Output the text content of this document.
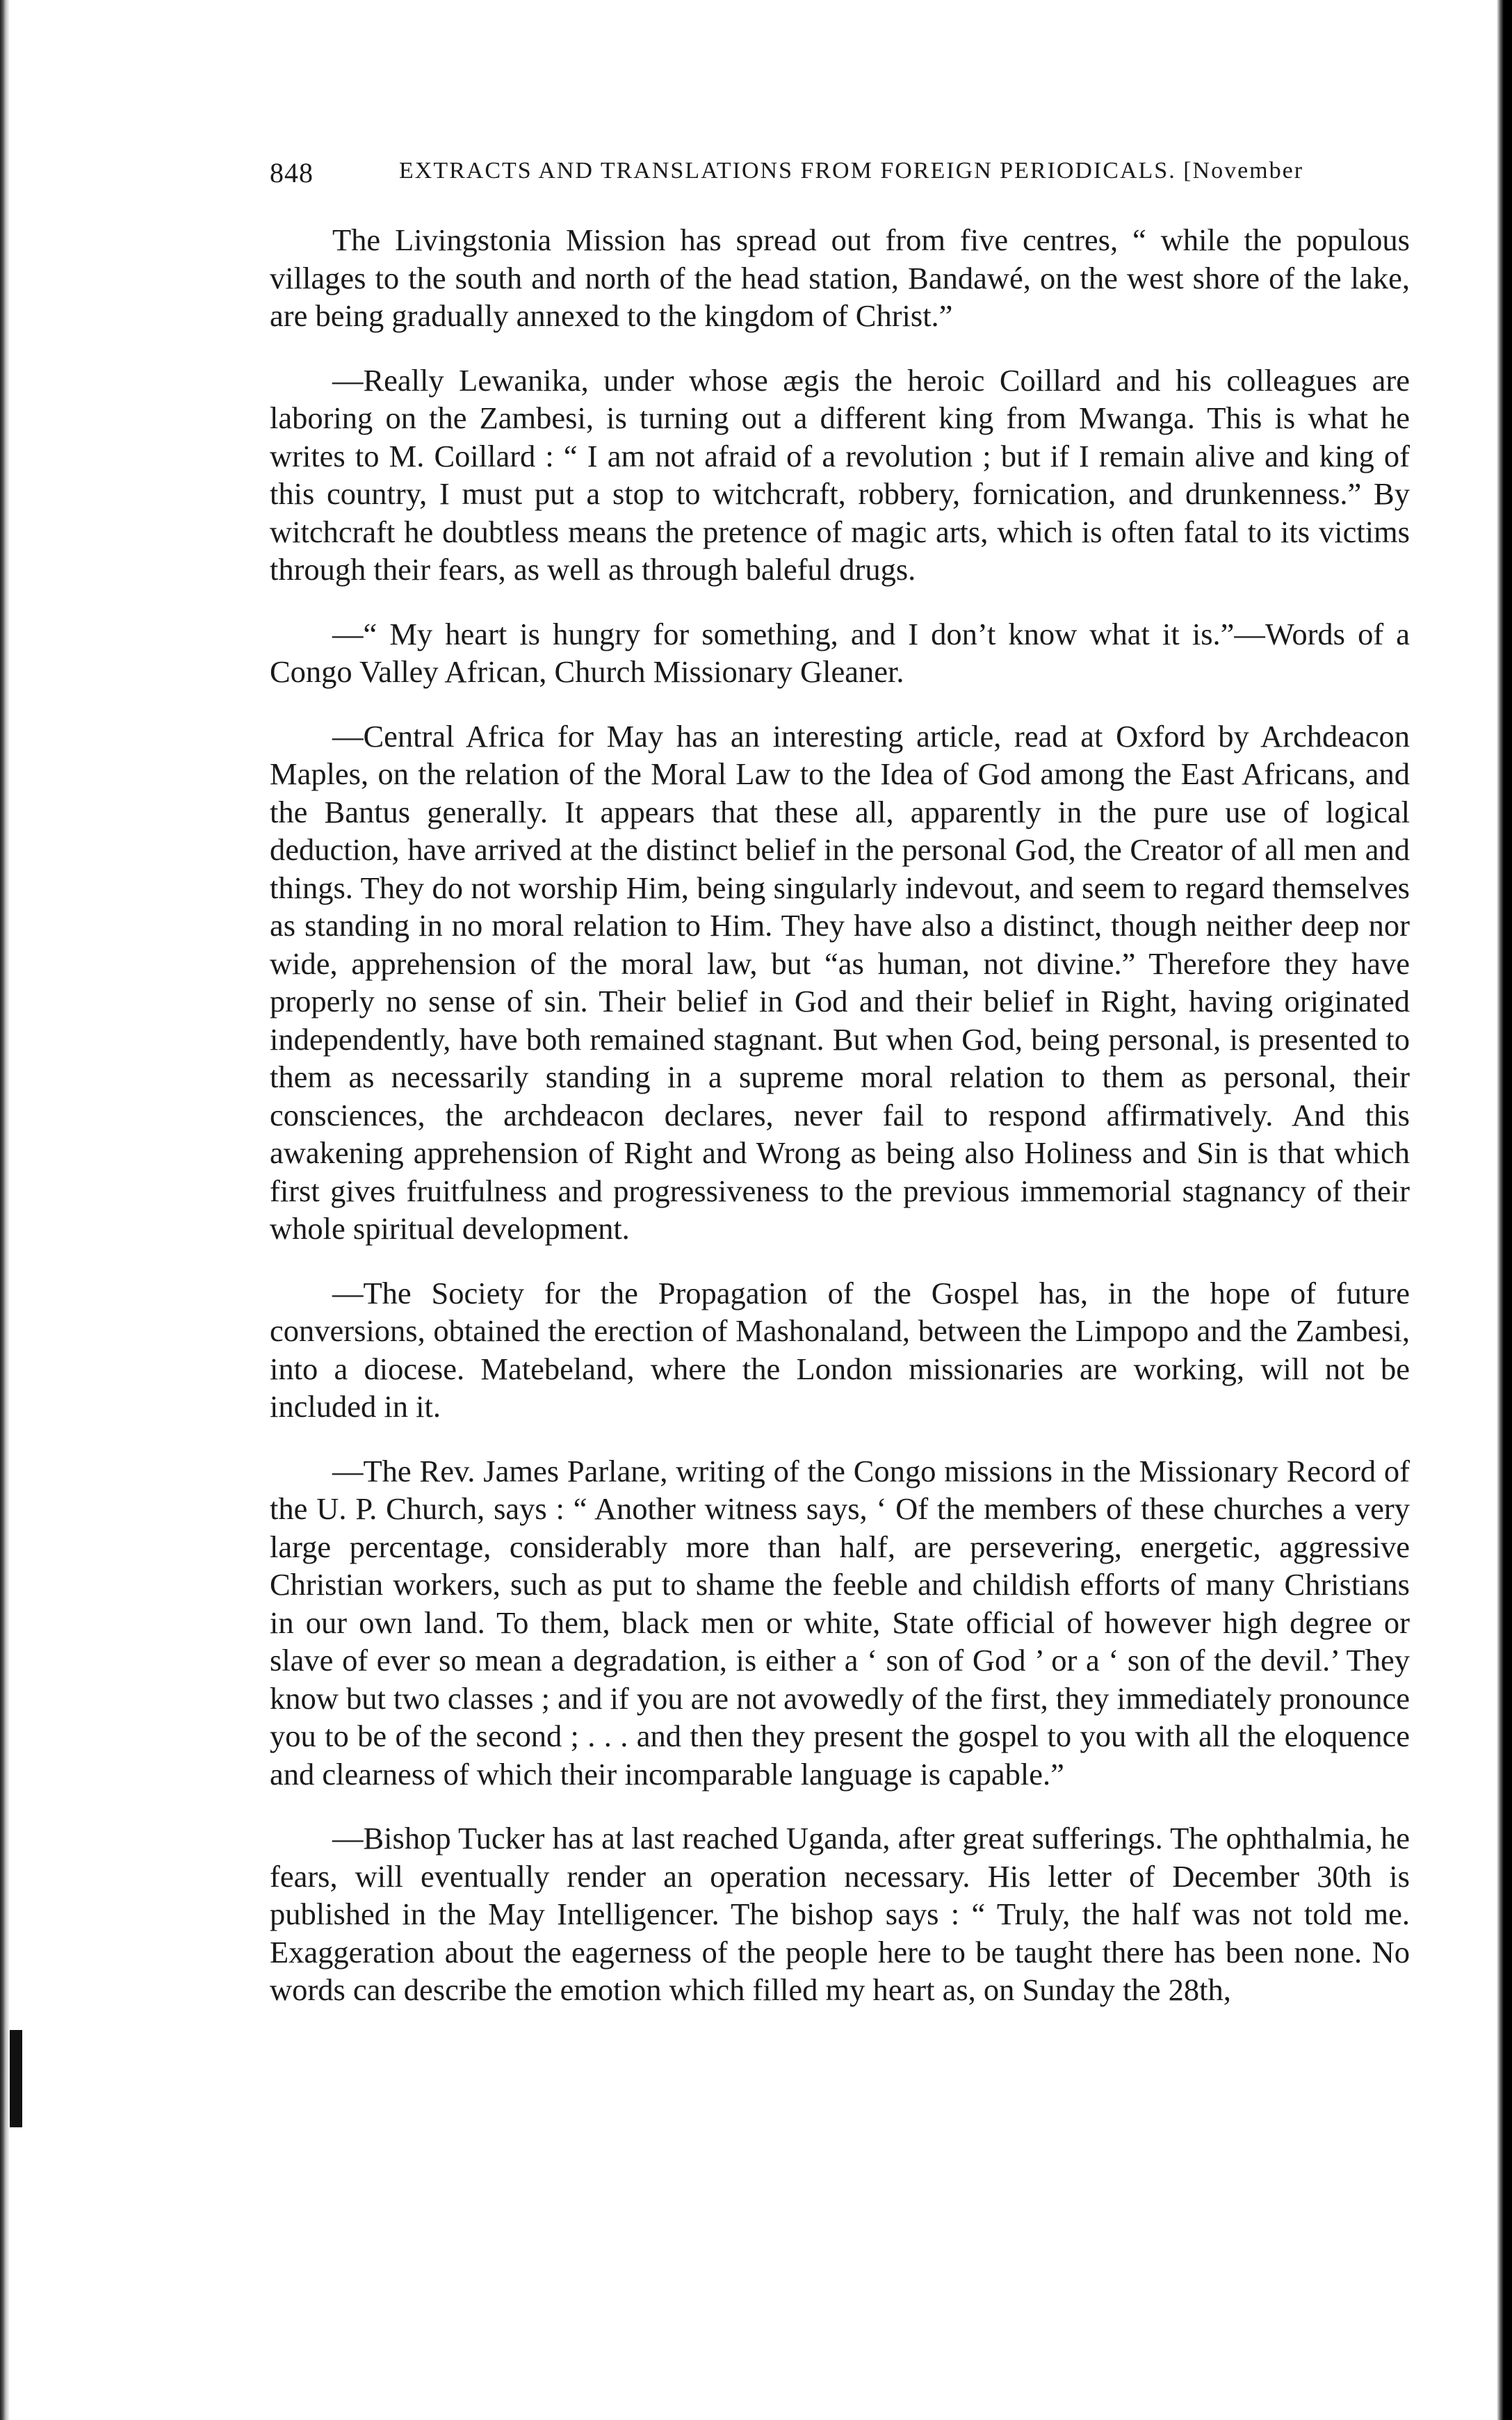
848	EXTRACTS AND TRANSLATIONS FROM FOREIGN PERIODICALS. [November

The Livingstonia Mission has spread out from five centres, “ while the populous villages to the south and north of the head station, Bandawé, on the west shore of the lake, are being gradually annexed to the kingdom of Christ.”

—Really Lewanika, under whose ægis the heroic Coillard and his colleagues are laboring on the Zambesi, is turning out a different king from Mwanga. This is what he writes to M. Coillard : “ I am not afraid of a revolution ; but if I remain alive and king of this country, I must put a stop to witchcraft, robbery, fornication, and drunkenness.” By witchcraft he doubtless means the pretence of magic arts, which is often fatal to its victims through their fears, as well as through baleful drugs.

—“ My heart is hungry for something, and I don’t know what it is.”—Words of a Congo Valley African, Church Missionary Gleaner.

—Central Africa for May has an interesting article, read at Oxford by Archdeacon Maples, on the relation of the Moral Law to the Idea of God among the East Africans, and the Bantus generally. It appears that these all, apparently in the pure use of logical deduction, have arrived at the distinct belief in the personal God, the Creator of all men and things. They do not worship Him, being singularly indevout, and seem to regard themselves as standing in no moral relation to Him. They have also a distinct, though neither deep nor wide, apprehension of the moral law, but “as human, not divine.” Therefore they have properly no sense of sin. Their belief in God and their belief in Right, having originated independently, have both remained stagnant. But when God, being personal, is presented to them as necessarily standing in a supreme moral relation to them as personal, their consciences, the archdeacon declares, never fail to respond affirmatively. And this awakening apprehension of Right and Wrong as being also Holiness and Sin is that which first gives fruitfulness and progressiveness to the previous immemorial stagnancy of their whole spiritual development.

—The Society for the Propagation of the Gospel has, in the hope of future conversions, obtained the erection of Mashonaland, between the Limpopo and the Zambesi, into a diocese. Matebeland, where the London missionaries are working, will not be included in it.

—The Rev. James Parlane, writing of the Congo missions in the Missionary Record of the U. P. Church, says : “ Another witness says, ‘ Of the members of these churches a very large percentage, considerably more than half, are persevering, energetic, aggressive Christian workers, such as put to shame the feeble and childish efforts of many Christians in our own land. To them, black men or white, State official of however high degree or slave of ever so mean a degradation, is either a ‘ son of God ’ or a ‘ son of the devil.’ They know but two classes ; and if you are not avowedly of the first, they immediately pronounce you to be of the second ; . . . and then they present the gospel to you with all the eloquence and clearness of which their incomparable language is capable.”

—Bishop Tucker has at last reached Uganda, after great sufferings. The ophthalmia, he fears, will eventually render an operation necessary. His letter of December 30th is published in the May Intelligencer. The bishop says : “ Truly, the half was not told me. Exaggeration about the eagerness of the people here to be taught there has been none. No words can describe the emotion which filled my heart as, on Sunday the 28th,
